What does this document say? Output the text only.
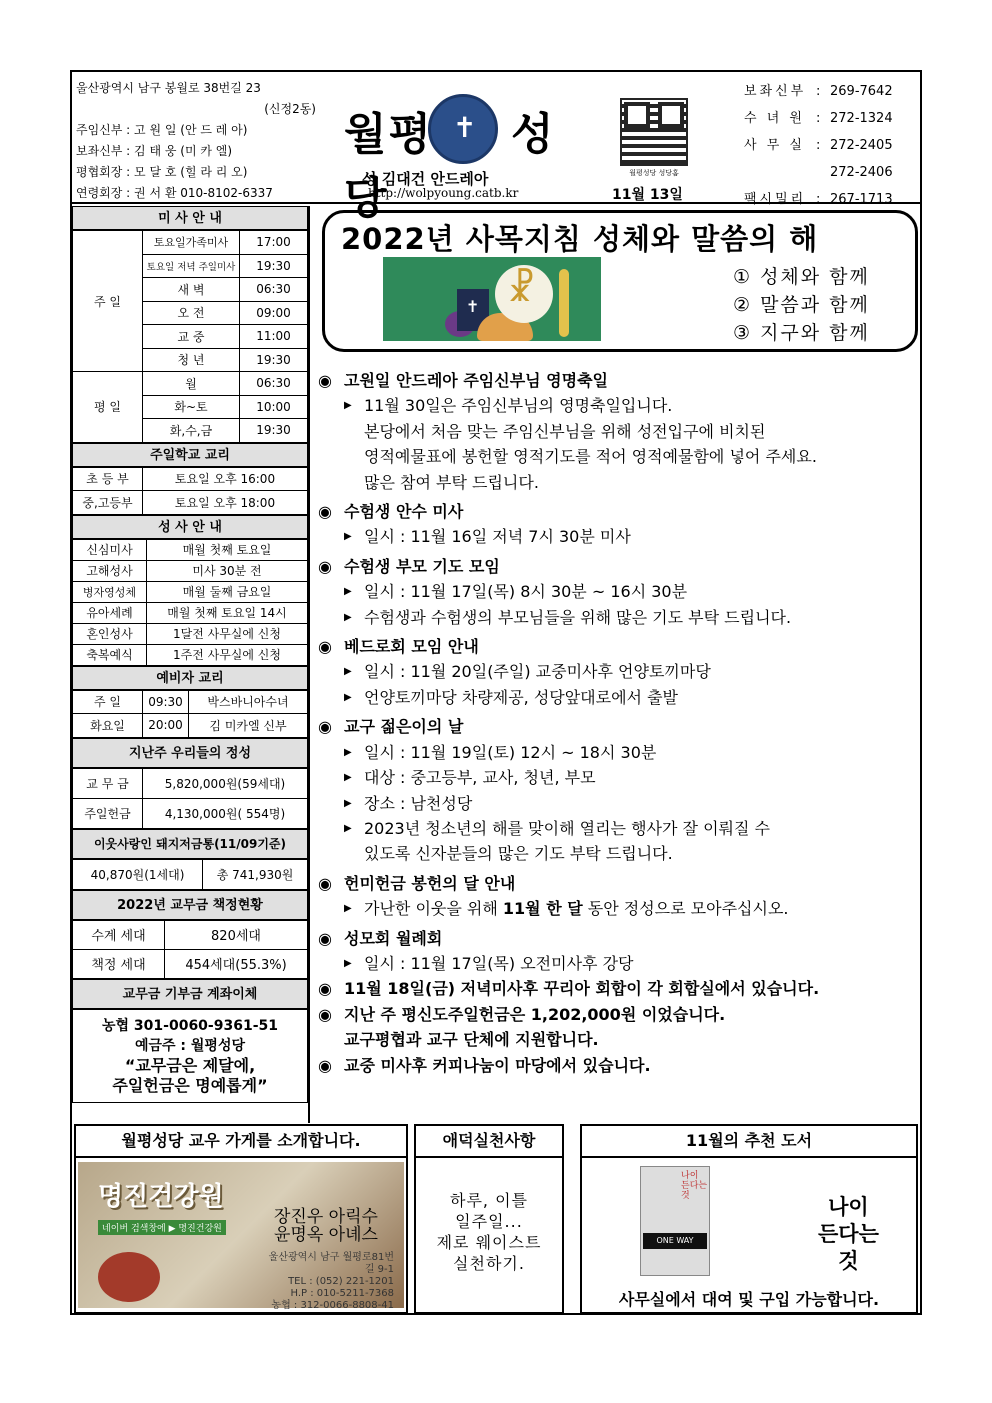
울산광역시 남구 봉월로 38번길 23
(신정2동)
주임신부 : 고 원 일 (안 드 레 아)
보좌신부 : 김 태 웅 (미 카 엘)
평협회장 : 모 달 호 (힐 라 리 오)
연령회장 : 권 서 환 010-8102-6337
✝
월평 성당
성 김대건 안드레아
http://wolpyoung.catb.kr
월평성당 성당홈
11월 13일
보좌신부 : 269-7642
수 녀 원 : 272-1324
사 무 실 : 272-2405
272-2406
팩시밀리 : 267-1713
미 사 안 내
주 일	토요일가족미사	17:00
	토요일 저녁 주일미사	19:30
	새 벽	06:30
	오 전	09:00
	교 중	11:00
	청 년	19:30
평 일	월	06:30
	화~토	10:00
	화,수,금	19:30
주일학교 교리
초 등 부	토요일 오후 16:00
중,고등부	토요일 오후 18:00
성 사 안 내
신심미사	매월 첫째 토요일
고해성사	미사 30분 전
병자영성체	매월 둘째 금요일
유아세례	매월 첫째 토요일 14시
혼인성사	1달전 사무실에 신청
축복예식	1주전 사무실에 신청
예비자 교리
주 일	09:30	박스바니아수녀
화요일	20:00	김 미카엘 신부
지난주 우리들의 정성
교 무 금	5,820,000원(59세대)
주일헌금	4,130,000원( 554명)
이웃사랑인 돼지저금통(11/09기준)
40,870원(1세대)	총 741,930원
2022년 교무금 책정현황
수계 세대	820세대
책정 세대	454세대(55.3%)
교무금 기부금 계좌이체
농협 301-0060-9361-51
예금주 : 월평성당
“교무금은 제달에,
주일헌금은 명예롭게”
2022년 사목지침 성체와 말씀의 해
✝
☧
① 성체와 함께
② 말씀과 함께
③ 지구와 함께
◉ 고원일 안드레아 주임신부님 영명축일
▶ 11월 30일은 주임신부님의 영명축일입니다.
본당에서 처음 맞는 주임신부님을 위해 성전입구에 비치된
영적예물표에 봉헌할 영적기도를 적어 영적예물함에 넣어 주세요.
많은 참여 부탁 드립니다.
◉ 수험생 안수 미사
▶ 일시 : 11월 16일 저녁 7시 30분 미사
◉ 수험생 부모 기도 모임
▶ 일시 : 11월 17일(목) 8시 30분 ~ 16시 30분
▶ 수험생과 수험생의 부모님들을 위해 많은 기도 부탁 드립니다.
◉ 베드로회 모임 안내
▶ 일시 : 11월 20일(주일) 교중미사후 언양토끼마당
▶ 언양토끼마당 차량제공, 성당앞대로에서 출발
◉ 교구 젊은이의 날
▶ 일시 : 11월 19일(토) 12시 ~ 18시 30분
▶ 대상 : 중고등부, 교사, 청년, 부모
▶ 장소 : 남천성당
▶ 2023년 청소년의 해를 맞이해 열리는 행사가 잘 이뤄질 수
있도록 신자분들의 많은 기도 부탁 드립니다.
◉ 헌미헌금 봉헌의 달 안내
▶ 가난한 이웃을 위해 11월 한 달 동안 정성으로 모아주십시오.
◉ 성모회 월례회
▶ 일시 : 11월 17일(목) 오전미사후 강당
◉ 11월 18일(금) 저녁미사후 꾸리아 회합이 각 회합실에서 있습니다.
◉ 지난 주 평신도주일헌금은 1,202,000원 이었습니다.
교구평협과 교구 단체에 지원합니다.
◉ 교중 미사후 커피나눔이 마당에서 있습니다.
월평성당 교우 가게를 소개합니다.
명진건강원
네이버 검색창에 ▶ 명진건강원
장진우 아릭수
윤명옥 아녜스
울산광역시 남구 월평로81번길 9-1
TEL : (052) 221-1201
H.P : 010-5211-7368
농협 : 312-0066-8808-41
애덕실천사항
하루, 이틀
일주일...
제로 웨이스트
실천하기.
11월의 추천 도서
나이 든다는 것
ONE WAY
나이
든다는
것
사무실에서 대여 및 구입 가능합니다.
